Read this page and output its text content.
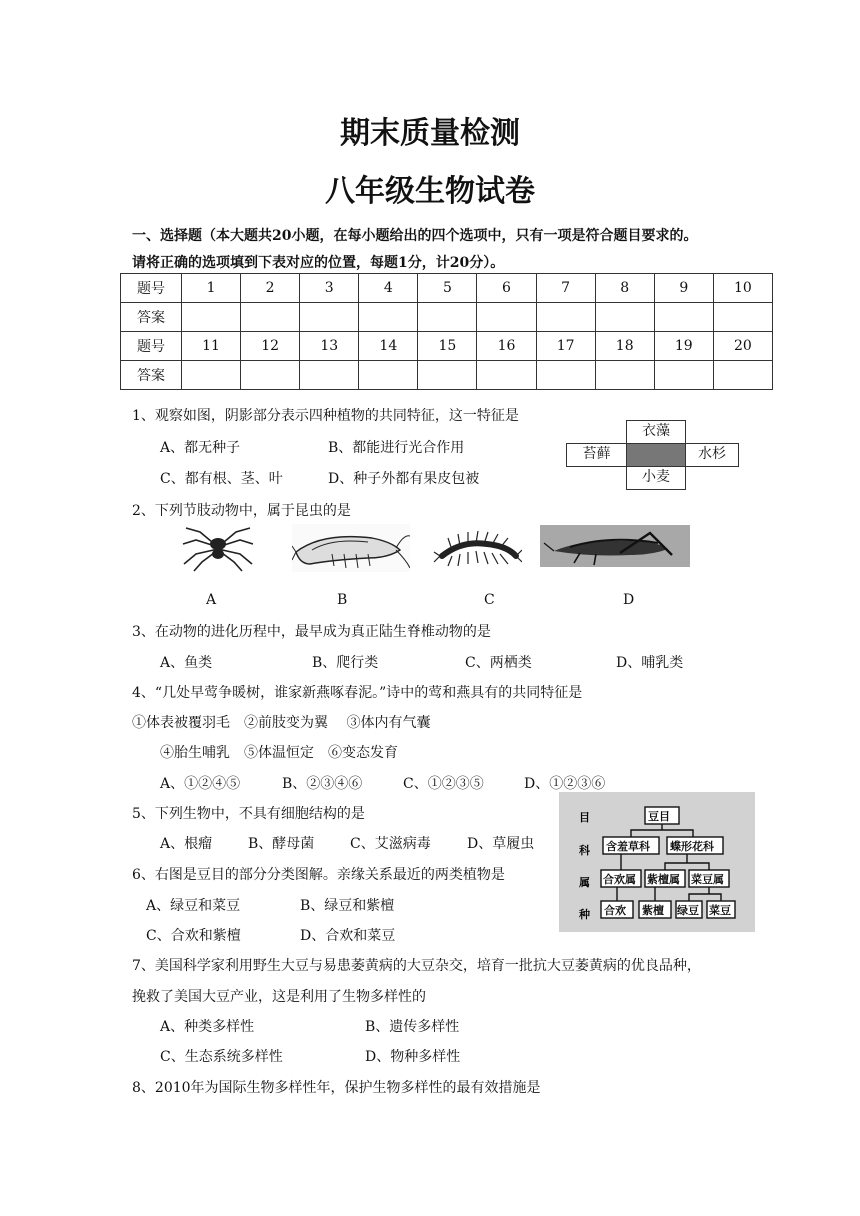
期末质量检测
八年级生物试卷
一、选择题（本大题共20小题，在每小题给出的四个选项中，只有一项是符合题目要求的。
请将正确的选项填到下表对应的位置，每题1分，计20分）。
题号	1	2	3	4	5	6	7	8	9	10
答案										
题号	11	12	13	14	15	16	17	18	19	20
答案										
1、观察如图，阴影部分表示四种植物的共同特征，这一特征是
A、都无种子	B、都能进行光合作用
C、都有根、茎、叶	D、种子外都有果皮包被
衣藻
苔藓	水杉
小麦
2、下列节肢动物中，属于昆虫的是
A	B	C	D
3、在动物的进化历程中，最早成为真正陆生脊椎动物的是
A、鱼类	B、爬行类	C、两栖类	D、哺乳类
4、“几处早莺争暖树，谁家新燕啄春泥。”诗中的莺和燕具有的共同特征是
①体表被覆羽毛　②前肢变为翼　 ③体内有气囊
④胎生哺乳　⑤体温恒定　⑥变态发育
A、①②④⑤	B、②③④⑥	C、①②③⑤	D、①②③⑥
5、下列生物中，不具有细胞结构的是
A、根瘤	B、酵母菌	C、艾滋病毒	D、草履虫
6、右图是豆目的部分分类图解。亲缘关系最近的两类植物是
A、绿豆和菜豆	B、绿豆和紫檀
C、合欢和紫檀	D、合欢和菜豆
目
科
属
种
豆目
含羞草科 蝶形花科
合欢属 紫檀属 菜豆属
合欢 紫檀 绿豆 菜豆
7、美国科学家利用野生大豆与易患萎黄病的大豆杂交，培育一批抗大豆萎黄病的优良品种，
挽救了美国大豆产业，这是利用了生物多样性的
A、种类多样性	B、遗传多样性
C、生态系统多样性	D、物种多样性
8、2010年为国际生物多样性年，保护生物多样性的最有效措施是
